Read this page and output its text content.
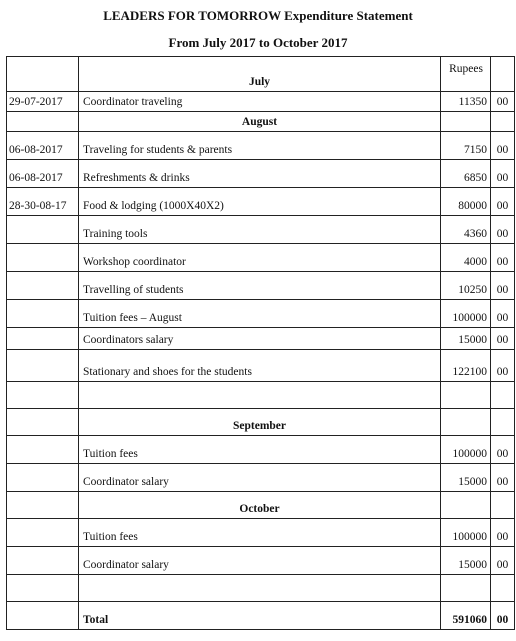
LEADERS FOR TOMORROW Expenditure Statement
From July 2017 to October 2017

	July	Rupees	
29-07-2017	Coordinator traveling	11350	00
	August		
06-08-2017	Traveling for students & parents	7150	00
06-08-2017	Refreshments & drinks	6850	00
28-30-08-17	Food & lodging (1000X40X2)	80000	00
	Training tools	4360	00
	Workshop coordinator	4000	00
	Travelling of students	10250	00
	Tuition fees – August	100000	00
	Coordinators salary	15000	00
	Stationary and shoes for the students	122100	00

	September		
	Tuition fees	100000	00
	Coordinator salary	15000	00
	October		
	Tuition fees	100000	00
	Coordinator salary	15000	00

	Total	591060	00
